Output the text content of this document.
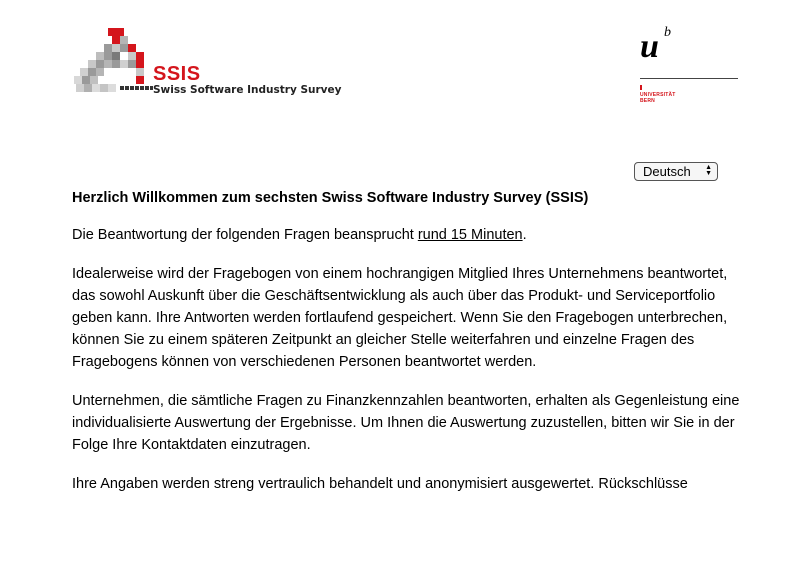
SSIS
Swiss Software Industry Survey
u b
UNIVERSITÄT
BERN
Deutsch ▲
▼
Herzlich Willkommen zum sechsten Swiss Software Industry Survey (SSIS)

Die Beantwortung der folgenden Fragen beansprucht rund 15 Minuten.

Idealerweise wird der Fragebogen von einem hochrangigen Mitglied Ihres Unternehmens beantwortet, das sowohl Auskunft über die Geschäftsentwicklung als auch über das Produkt- und Serviceportfolio geben kann. Ihre Antworten werden fortlaufend gespeichert. Wenn Sie den Fragebogen unterbrechen, können Sie zu einem späteren Zeitpunkt an gleicher Stelle weiterfahren und einzelne Fragen des Fragebogens können von verschiedenen Personen beantwortet werden.

Unternehmen, die sämtliche Fragen zu Finanzkennzahlen beantworten, erhalten als Gegenleistung eine individualisierte Auswertung der Ergebnisse. Um Ihnen die Auswertung zuzustellen, bitten wir Sie in der Folge Ihre Kontaktdaten einzutragen.

Ihre Angaben werden streng vertraulich behandelt und anonymisiert ausgewertet. Rückschlüsse
